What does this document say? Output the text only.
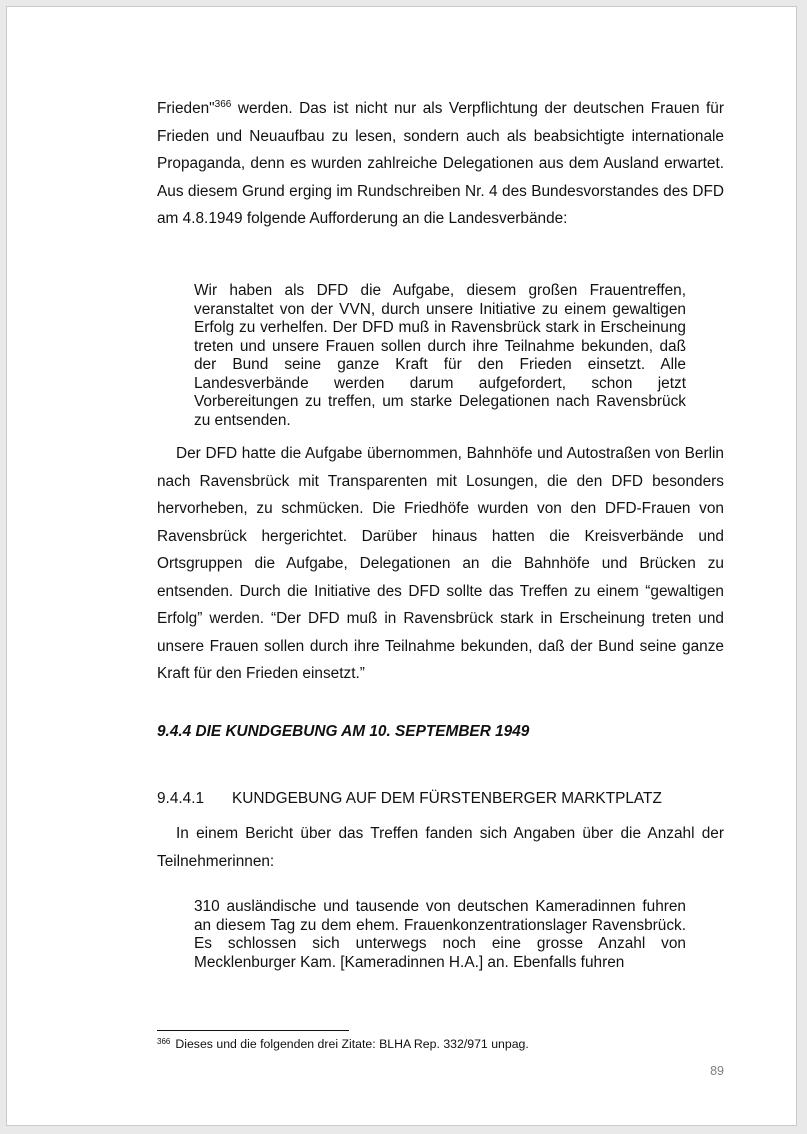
Frieden"$^{366}$ werden. Das ist nicht nur als Verpflichtung der deutschen Frauen für Frieden und Neuaufbau zu lesen, sondern auch als beabsichtigte internationale Propaganda, denn es wurden zahlreiche Delegationen aus dem Ausland erwartet. Aus diesem Grund erging im Rundschreiben Nr. 4 des Bundesvorstandes des DFD am 4.8.1949 folgende Aufforderung an die Landesverbände:

Wir haben als DFD die Aufgabe, diesem großen Frauentreffen, veranstaltet von der VVN, durch unsere Initiative zu einem gewaltigen Erfolg zu verhelfen. Der DFD muß in Ravensbrück stark in Erscheinung treten und unsere Frauen sollen durch ihre Teilnahme bekunden, daß der Bund seine ganze Kraft für den Frieden einsetzt. Alle Landesverbände werden darum aufgefordert, schon jetzt Vorbereitungen zu treffen, um starke Delegationen nach Ravensbrück zu entsenden.

Der DFD hatte die Aufgabe übernommen, Bahnhöfe und Autostraßen von Berlin nach Ravensbrück mit Transparenten mit Losungen, die den DFD besonders hervorheben, zu schmücken. Die Friedhöfe wurden von den DFD-Frauen von Ravensbrück hergerichtet. Darüber hinaus hatten die Kreisverbände und Ortsgruppen die Aufgabe, Delegationen an die Bahnhöfe und Brücken zu entsenden. Durch die Initiative des DFD sollte das Treffen zu einem “gewaltigen Erfolg” werden. “Der DFD muß in Ravensbrück stark in Erscheinung treten und unsere Frauen sollen durch ihre Teilnahme bekunden, daß der Bund seine ganze Kraft für den Frieden einsetzt.”

9.4.4 DIE KUNDGEBUNG AM 10. SEPTEMBER 1949

9.4.4.1 KUNDGEBUNG AUF DEM FÜRSTENBERGER MARKTPLATZ

In einem Bericht über das Treffen fanden sich Angaben über die Anzahl der Teilnehmerinnen:

310 ausländische und tausende von deutschen Kameradinnen fuhren an diesem Tag zu dem ehem. Frauenkonzentrationslager Ravensbrück. Es schlossen sich unterwegs noch eine grosse Anzahl von Mecklenburger Kam. [Kameradinnen H.A.] an. Ebenfalls fuhren

$^{366}$ Dieses und die folgenden drei Zitate: BLHA Rep. 332/971 unpag.

89
